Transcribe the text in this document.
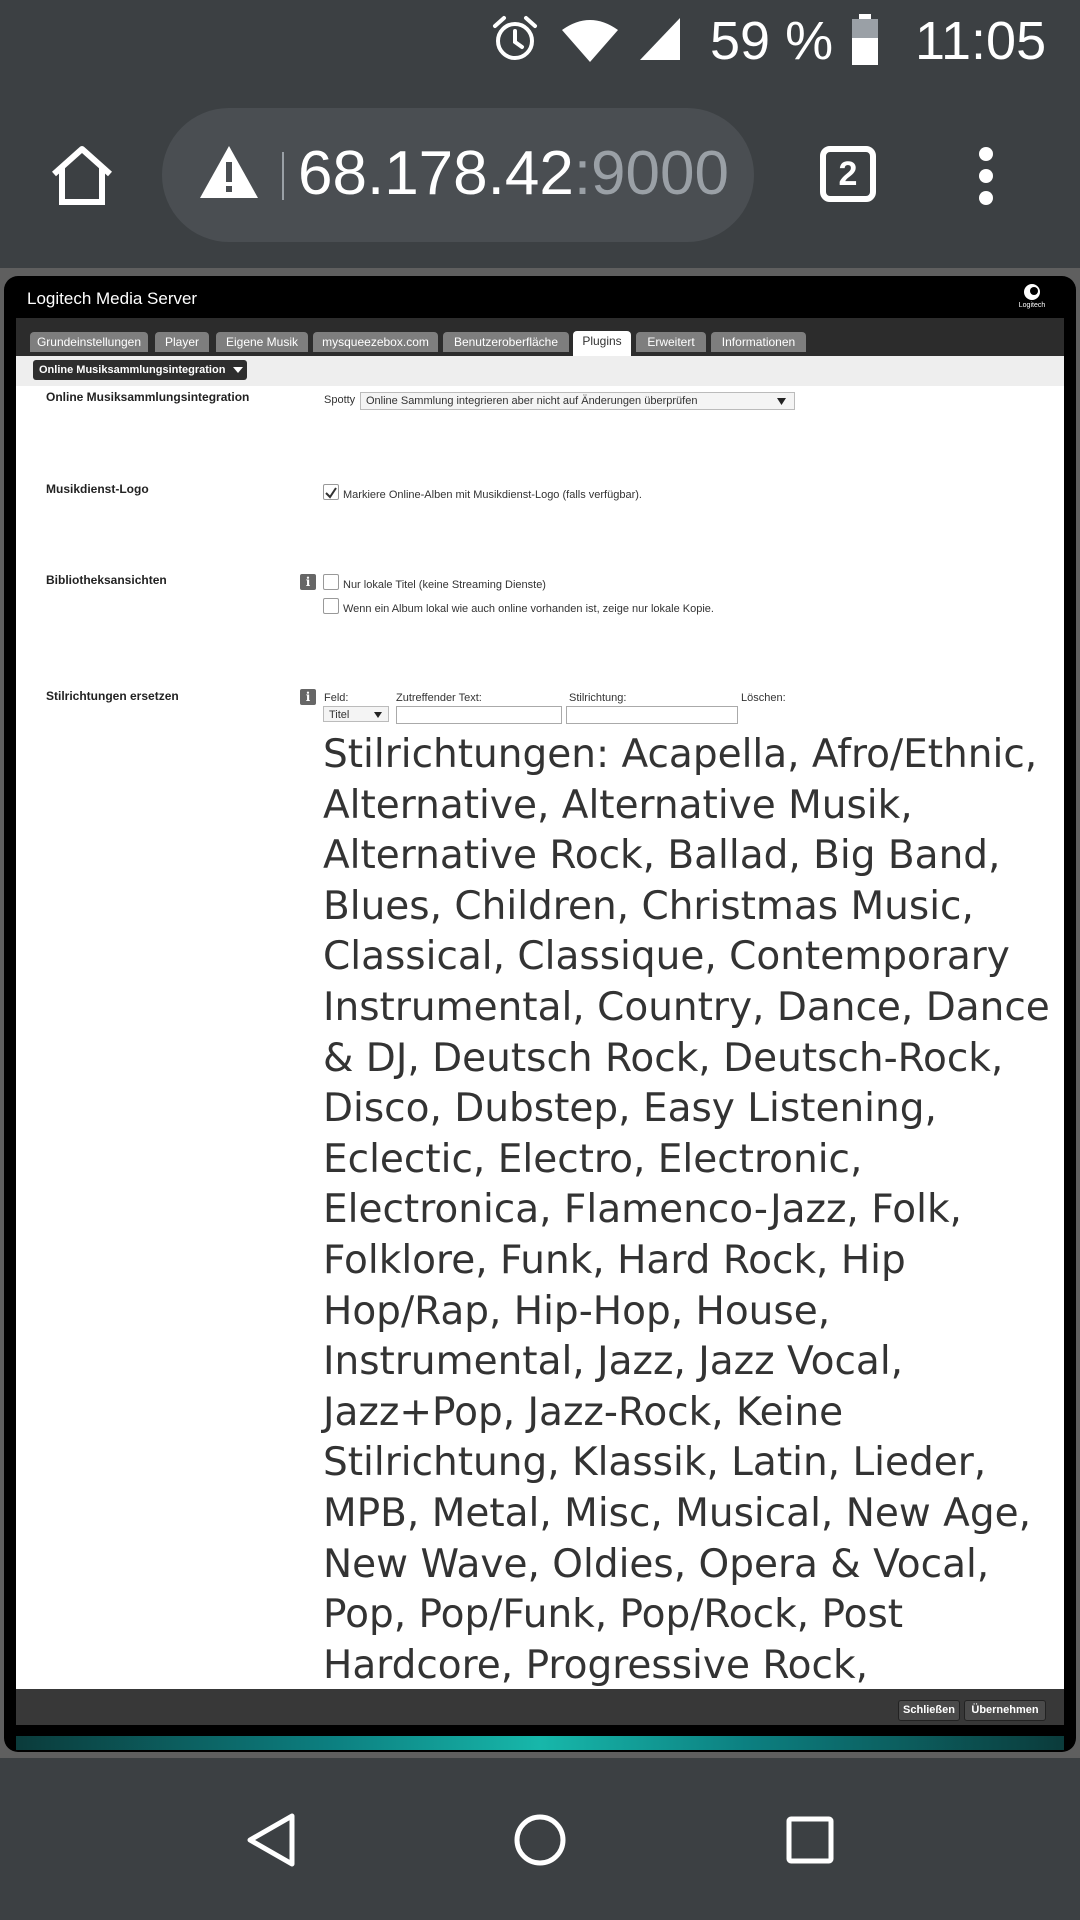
59 % 11:05
68.178.42:9000	2
Logitech Media Server	Logitech
Grundeinstellungen	Player	Eigene Musik	mysqueezebox.com	Benutzeroberfläche	Plugins	Erweitert	Informationen
Online Musiksammlungsintegration
Online Musiksammlungsintegration	Spotty Online Sammlung integrieren aber nicht auf Änderungen überprüfen
Musikdienst-Logo	Markiere Online-Alben mit Musikdienst-Logo (falls verfügbar).
Bibliotheksansichten	i	Nur lokale Titel (keine Streaming Dienste)
Wenn ein Album lokal wie auch online vorhanden ist, zeige nur lokale Kopie.
Stilrichtungen ersetzen	i	Feld:	Zutreffender Text:	Stilrichtung:	Löschen:
Titel
Stilrichtungen: Acapella, Afro/Ethnic, Alternative, Alternative Musik, Alternative Rock, Ballad, Big Band, Blues, Children, Christmas Music, Classical, Classique, Contemporary Instrumental, Country, Dance, Dance & DJ, Deutsch Rock, Deutsch-Rock, Disco, Dubstep, Easy Listening, Eclectic, Electro, Electronic, Electronica, Flamenco-Jazz, Folk, Folklore, Funk, Hard Rock, Hip Hop/Rap, Hip-Hop, House, Instrumental, Jazz, Jazz Vocal, Jazz+Pop, Jazz-Rock, Keine Stilrichtung, Klassik, Latin, Lieder, MPB, Metal, Misc, Musical, New Age, New Wave, Oldies, Opera & Vocal, Pop, Pop/Funk, Pop/Rock, Post Hardcore, Progressive Rock,
Schließen	Übernehmen
